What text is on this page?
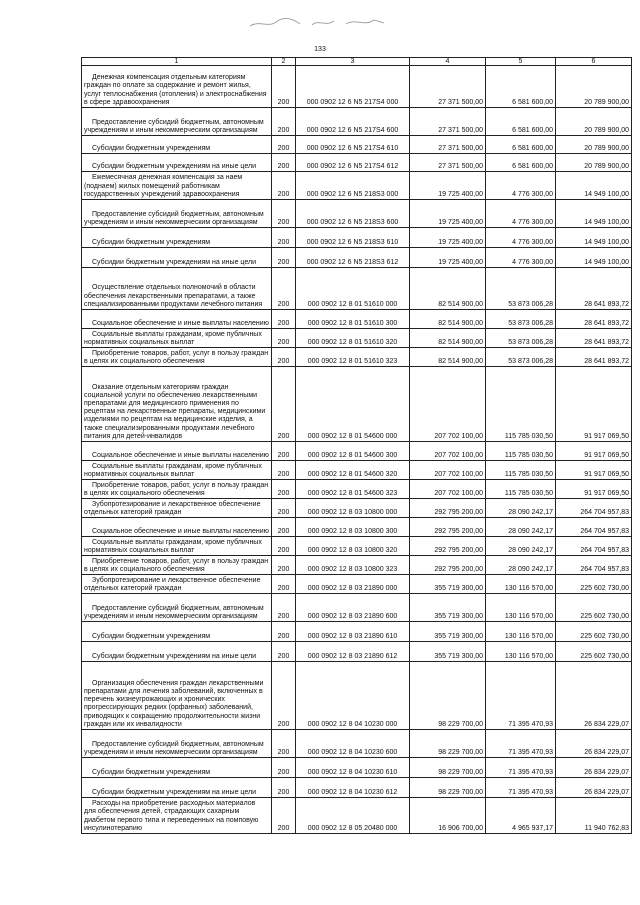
133
1	2	3	4	5	6
Денежная компенсация отдельным категориям граждан по оплате за содержание и ремонт жилья, услуг теплоснабжения (отопления) и электроснабжения в сфере здравоохранения	200	000 0902 12 6 N5 217S4 000	27 371 500,00	6 581 600,00	20 789 900,00
Предоставление субсидий бюджетным, автономным учреждениям и иным некоммерческим организациям	200	000 0902 12 6 N5 217S4 600	27 371 500,00	6 581 600,00	20 789 900,00
Субсидии бюджетным учреждениям	200	000 0902 12 6 N5 217S4 610	27 371 500,00	6 581 600,00	20 789 900,00
Субсидии бюджетным учреждениям на иные цели	200	000 0902 12 6 N5 217S4 612	27 371 500,00	6 581 600,00	20 789 900,00
Ежемесячная денежная компенсация за наем (поднаем) жилых помещений работникам государственных учреждений здравоохранения	200	000 0902 12 6 N5 218S3 000	19 725 400,00	4 776 300,00	14 949 100,00
Предоставление субсидий бюджетным, автономным учреждениям и иным некоммерческим организациям	200	000 0902 12 6 N5 218S3 600	19 725 400,00	4 776 300,00	14 949 100,00
Субсидии бюджетным учреждениям	200	000 0902 12 6 N5 218S3 610	19 725 400,00	4 776 300,00	14 949 100,00
Субсидии бюджетным учреждениям на иные цели	200	000 0902 12 6 N5 218S3 612	19 725 400,00	4 776 300,00	14 949 100,00
Осуществление отдельных полномочий в области обеспечения лекарственными препаратами, а также специализированными продуктами лечебного питания	200	000 0902 12 8 01 51610 000	82 514 900,00	53 873 006,28	28 641 893,72
Социальное обеспечение и иные выплаты населению	200	000 0902 12 8 01 51610 300	82 514 900,00	53 873 006,28	28 641 893,72
Социальные выплаты гражданам, кроме публичных нормативных социальных выплат	200	000 0902 12 8 01 51610 320	82 514 900,00	53 873 006,28	28 641 893,72
Приобретение товаров, работ, услуг в пользу граждан в целях их социального обеспечения	200	000 0902 12 8 01 51610 323	82 514 900,00	53 873 006,28	28 641 893,72
Оказание отдельным категориям граждан социальной услуги по обеспечению лекарственными препаратами для медицинского применения по рецептам на лекарственные препараты, медицинскими изделиями по рецептам на медицинские изделия, а также специализированными продуктами лечебного питания для детей-инвалидов	200	000 0902 12 8 01 54600 000	207 702 100,00	115 785 030,50	91 917 069,50
Социальное обеспечение и иные выплаты населению	200	000 0902 12 8 01 54600 300	207 702 100,00	115 785 030,50	91 917 069,50
Социальные выплаты гражданам, кроме публичных нормативных социальных выплат	200	000 0902 12 8 01 54600 320	207 702 100,00	115 785 030,50	91 917 069,50
Приобретение товаров, работ, услуг в пользу граждан в целях их социального обеспечения	200	000 0902 12 8 01 54600 323	207 702 100,00	115 785 030,50	91 917 069,50
Зубопротезирование и лекарственное обеспечение отдельных категорий граждан	200	000 0902 12 8 03 10800 000	292 795 200,00	28 090 242,17	264 704 957,83
Социальное обеспечение и иные выплаты населению	200	000 0902 12 8 03 10800 300	292 795 200,00	28 090 242,17	264 704 957,83
Социальные выплаты гражданам, кроме публичных нормативных социальных выплат	200	000 0902 12 8 03 10800 320	292 795 200,00	28 090 242,17	264 704 957,83
Приобретение товаров, работ, услуг в пользу граждан в целях их социального обеспечения	200	000 0902 12 8 03 10800 323	292 795 200,00	28 090 242,17	264 704 957,83
Зубопротезирование и лекарственное обеспечение отдельных категорий граждан	200	000 0902 12 8 03 21890 000	355 719 300,00	130 116 570,00	225 602 730,00
Предоставление субсидий бюджетным, автономным учреждениям и иным некоммерческим организациям	200	000 0902 12 8 03 21890 600	355 719 300,00	130 116 570,00	225 602 730,00
Субсидии бюджетным учреждениям	200	000 0902 12 8 03 21890 610	355 719 300,00	130 116 570,00	225 602 730,00
Субсидии бюджетным учреждениям на иные цели	200	000 0902 12 8 03 21890 612	355 719 300,00	130 116 570,00	225 602 730,00
Организация обеспечения граждан лекарственными препаратами для лечения заболеваний, включенных в перечень жизнеугрожающих и хронических прогрессирующих редких (орфанных) заболеваний, приводящих к сокращению продолжительности жизни граждан или их инвалидности	200	000 0902 12 8 04 10230 000	98 229 700,00	71 395 470,93	26 834 229,07
Предоставление субсидий бюджетным, автономным учреждениям и иным некоммерческим организациям	200	000 0902 12 8 04 10230 600	98 229 700,00	71 395 470,93	26 834 229,07
Субсидии бюджетным учреждениям	200	000 0902 12 8 04 10230 610	98 229 700,00	71 395 470,93	26 834 229,07
Субсидии бюджетным учреждениям на иные цели	200	000 0902 12 8 04 10230 612	98 229 700,00	71 395 470,93	26 834 229,07
Расходы на приобретение расходных материалов для обеспечения детей, страдающих сахарным диабетом первого типа и переведенных на помповую инсулинотерапию	200	000 0902 12 8 05 20480 000	16 906 700,00	4 965 937,17	11 940 762,83
